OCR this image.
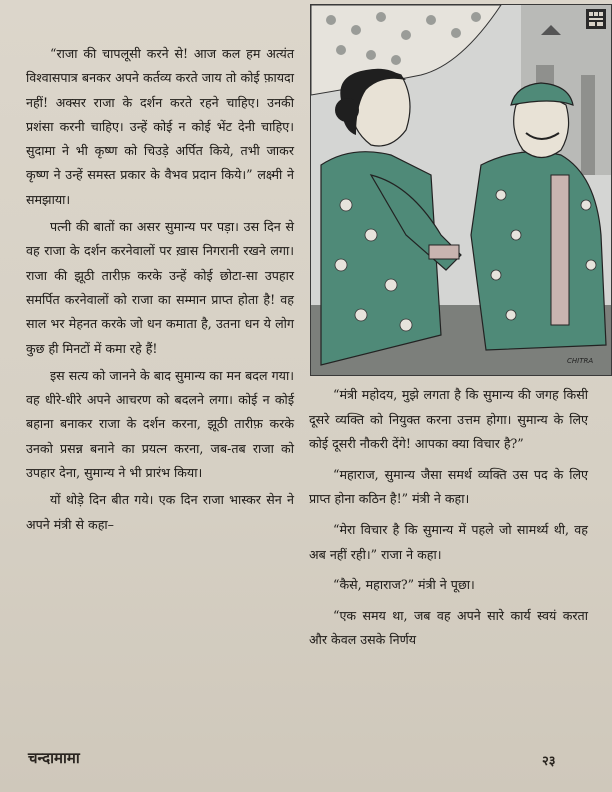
“राजा की चापलूसी करने से! आज कल हम अत्यंत विश्वासपात्र बनकर अपने कर्तव्य करते जाय तो कोई फ़ायदा नहीं! अक्सर राजा के दर्शन करते रहने चाहिए। उनकी प्रशंसा करनी चाहिए। उन्हें कोई न कोई भेंट देनी चाहिए। सुदामा ने भी कृष्ण को चिउड़े अर्पित किये, तभी जाकर कृष्ण ने उन्हें समस्त प्रकार के वैभव प्रदान किये।” लक्ष्मी ने समझाया।

पत्नी की बातों का असर सुमान्य पर पड़ा। उस दिन से वह राजा के दर्शन करनेवालों पर ख़ास निगरानी रखने लगा। राजा की झूठी तारीफ़ करके उन्हें कोई छोटा-सा उपहार समर्पित करनेवालों को राजा का सम्मान प्राप्त होता है! वह साल भर मेहनत करके जो धन कमाता है, उतना धन ये लोग कुछ ही मिनटों में कमा रहे हैं!

इस सत्य को जानने के बाद सुमान्य का मन बदल गया। वह धीरे-धीरे अपने आचरण को बदलने लगा। कोई न कोई बहाना बनाकर राजा के दर्शन करना, झूठी तारीफ़ करके उनको प्रसन्न बनाने का प्रयत्न करना, जब-तब राजा को उपहार देना, सुमान्य ने भी प्रारंभ किया।

यों थोड़े दिन बीत गये। एक दिन राजा भास्कर सेन ने अपने मंत्री से कहा–

CHITRA

“मंत्री महोदय, मुझे लगता है कि सुमान्य की जगह किसी दूसरे व्यक्ति को नियुक्त करना उत्तम होगा। सुमान्य के लिए कोई दूसरी नौकरी देंगे! आपका क्या विचार है?”

“महाराज, सुमान्य जैसा समर्थ व्यक्ति उस पद के लिए प्राप्त होना कठिन है!” मंत्री ने कहा।

“मेरा विचार है कि सुमान्य में पहले जो सामर्थ्य थी, वह अब नहीं रही।” राजा ने कहा।

“कैसे, महाराज?” मंत्री ने पूछा।

“एक समय था, जब वह अपने सारे कार्य स्वयं करता और केवल उसके निर्णय

चन्दामामा	२३
